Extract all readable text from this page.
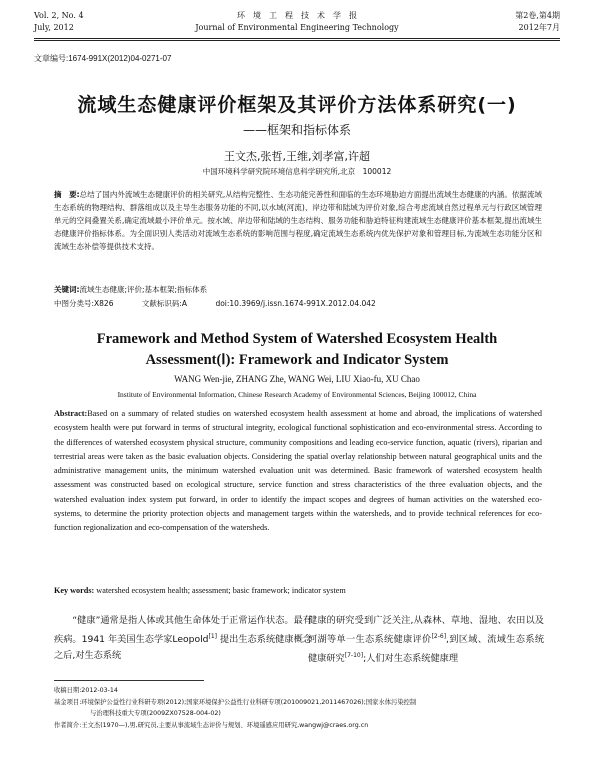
Vol. 2, No. 4
July, 2012
环　境　工　程　技　术　学　报
Journal of Environmental Engineering Technology
第2卷,第4期
2012年7月
文章编号:1674-991X(2012)04-0271-07
流域生态健康评价框架及其评价方法体系研究(一)
——框架和指标体系
王文杰,张哲,王维,刘孝富,许超
中国环境科学研究院环境信息科学研究所,北京　100012
摘　要:总结了国内外流域生态健康评价的相关研究,从结构完整性、生态功能完善性和面临的生态环境胁迫方面提出流域生态健康的内涵。依据流域生态系统的物理结构、群落组成以及主导生态服务功能的不同,以水域(河流)、岸边带和陆域为评价对象,综合考虑流域自然过程单元与行政区域管理单元的空间叠置关系,确定流域最小评价单元。按水域、岸边带和陆域的生态结构、服务功能和胁迫特征构建流域生态健康评价基本框架,提出流域生态健康评价指标体系。为全面识别人类活动对流域生态系统的影响范围与程度,确定流域生态系统内优先保护对象和管理目标,为流域生态功能分区和流域生态补偿等提供技术支持。
关键词:流域生态健康;评价;基本框架;指标体系
中图分类号:X826	文献标识码:A	doi:10.3969/j.issn.1674-991X.2012.04.042
Framework and Method System of Watershed Ecosystem Health
Assessment(Ⅰ): Framework and Indicator System
WANG Wen-jie, ZHANG Zhe, WANG Wei, LIU Xiao-fu, XU Chao
Institute of Environmental Information, Chinese Research Academy of Environmental Sciences, Beijing 100012, China
Abstract:Based on a summary of related studies on watershed ecosystem health assessment at home and abroad, the implications of watershed ecosystem health were put forward in terms of structural integrity, ecological functional sophistication and eco-environmental stress. According to the differences of watershed ecosystem physical structure, community compositions and leading eco-service function, aquatic (rivers), riparian and terrestrial areas were taken as the basic evaluation objects. Considering the spatial overlay relationship between natural geographical units and the administrative management units, the minimum watershed evaluation unit was determined. Basic framework of watershed ecosystem health assessment was constructed based on ecological structure, service function and stress characteristics of the three evaluation objects, and the watershed evaluation index system put forward, in order to identify the impact scopes and degrees of human activities on the watershed eco-systems, to determine the priority protection objects and management targets within the watersheds, and to provide technical references for eco-function regionalization and eco-compensation of the watersheds.
Key words: watershed ecosystem health; assessment; basic framework; indicator system
“健康”通常是指人体或其他生命体处于正常运作状态。最有疾病。1941 年美国生态学家Leopold[1] 提出生态系统健康概念之后,对生态系统
健康的研究受到广泛关注,从森林、草地、湿地、农田以及河湖等单一生态系统健康评价[2-6],到区域、流域生态系统健康研究[7-10];人们对生态系统健康理
收稿日期:2012-03-14
基金项目:环境保护公益性行业科研专项(2012);国家环境保护公益性行业科研专项(201009021,2011467026);国家水体污染控制
与治理科技重大专项(2009ZX07528-004-02)
作者简介:王文杰(1970—),男,研究员,主要从事流域生态评价与规划、环境遥感应用研究,wangwj@craes.org.cn
